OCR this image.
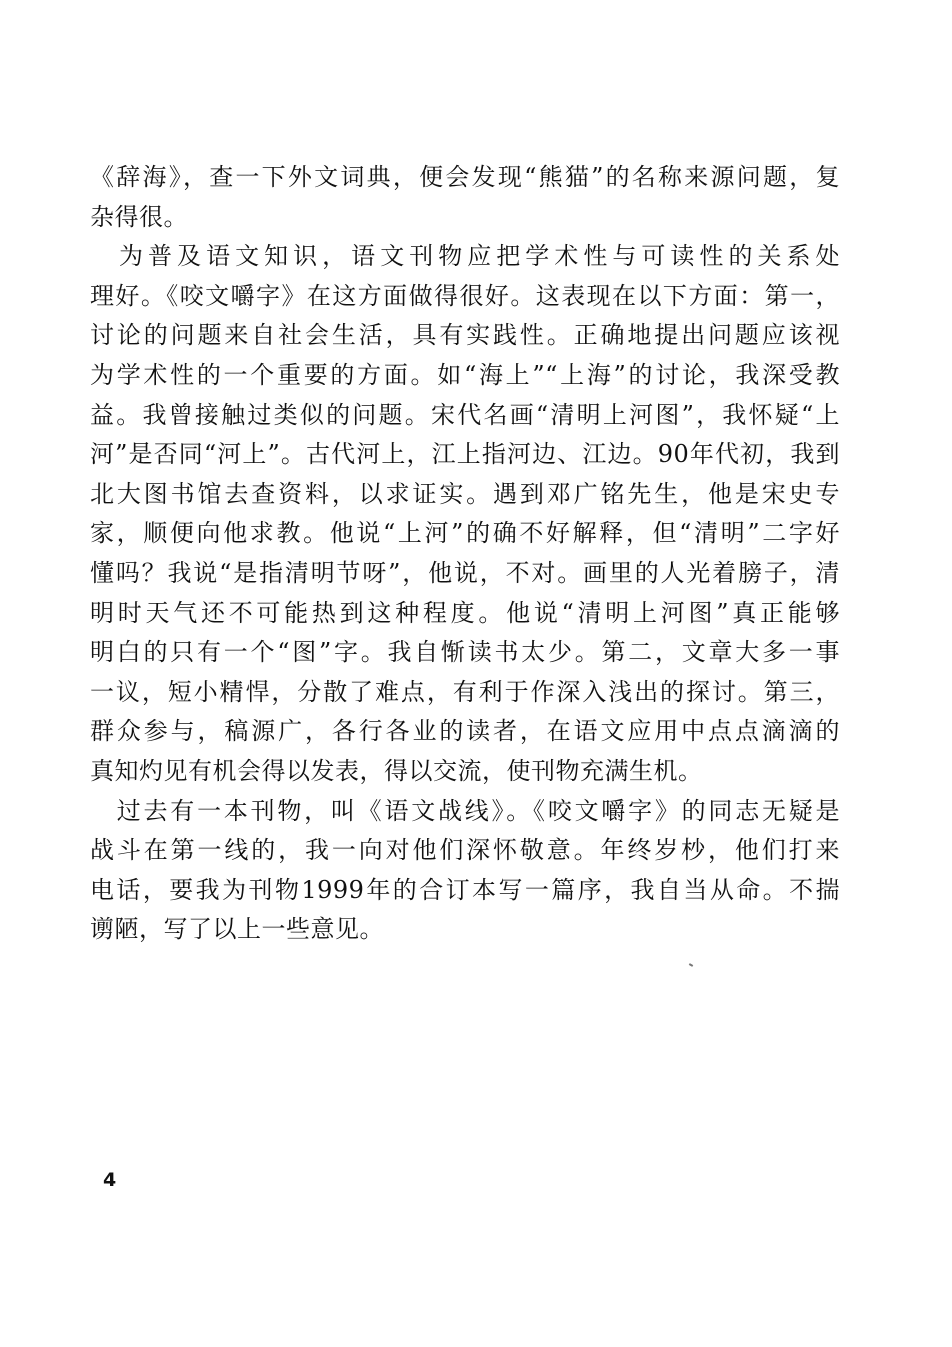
《辞海》，查一下外文词典，便会发现“熊猫”的名称来源问题，复
杂得很。
　为普及语文知识，语文刊物应把学术性与可读性的关系处
理好。《咬文嚼字》在这方面做得很好。这表现在以下方面：第一，
讨论的问题来自社会生活，具有实践性。正确地提出问题应该视
为学术性的一个重要的方面。如“海上”“上海”的讨论，我深受教
益。我曾接触过类似的问题。宋代名画“清明上河图”，我怀疑“上
河”是否同“河上”。古代河上，江上指河边、江边。90年代初，我到
北大图书馆去查资料，以求证实。遇到邓广铭先生，他是宋史专
家，顺便向他求教。他说“上河”的确不好解释，但“清明”二字好
懂吗？我说“是指清明节呀”，他说，不对。画里的人光着膀子，清
明时天气还不可能热到这种程度。他说“清明上河图”真正能够
明白的只有一个“图”字。我自惭读书太少。第二，文章大多一事
一议，短小精悍，分散了难点，有利于作深入浅出的探讨。第三，
群众参与，稿源广，各行各业的读者，在语文应用中点点滴滴的
真知灼见有机会得以发表，得以交流，使刊物充满生机。
　过去有一本刊物，叫《语文战线》。《咬文嚼字》的同志无疑是
战斗在第一线的，我一向对他们深怀敬意。年终岁杪，他们打来
电话，要我为刊物1999年的合订本写一篇序，我自当从命。不揣
谫陋，写了以上一些意见。
4
